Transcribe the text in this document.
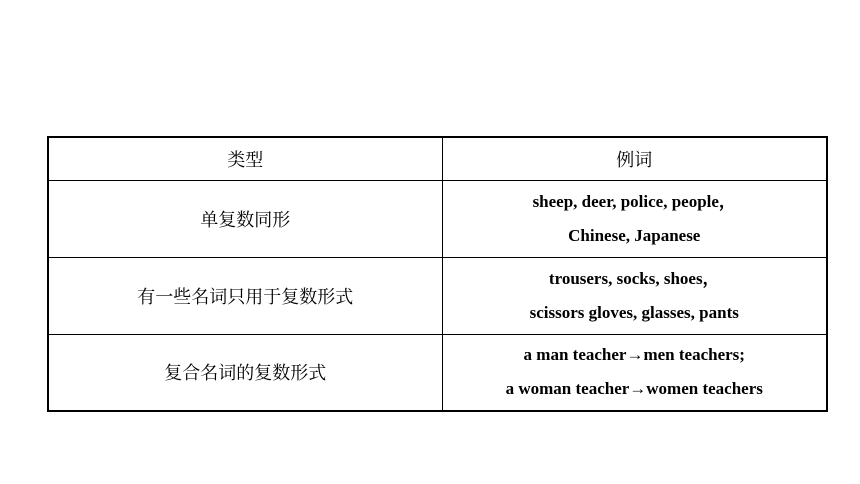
类型	例词
单复数同形	sheep, deer, police, people，
Chinese, Japanese

有一些名词只用于复数形式	trousers, socks, shoes，
scissors gloves, glasses, pants

复合名词的复数形式	a man teacher→men teachers;
a woman teacher→women teachers
